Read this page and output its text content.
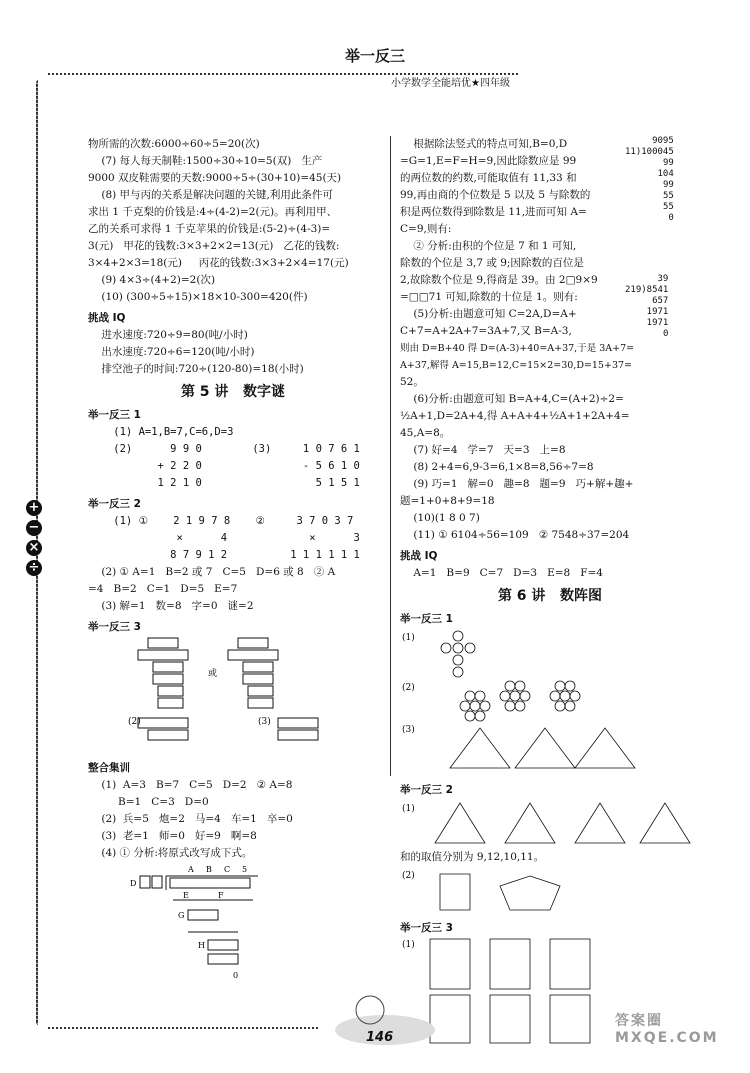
举一反三
小学数学全能培优★四年级
+
−
×
÷

物所需的次数:6000÷60÷5=20(次)

(7) 每人每天制鞋:1500÷30÷10=5(双)   生产

9000 双皮鞋需要的天数:9000÷5÷(30+10)=45(天)

(8) 甲与丙的关系是解决问题的关键,利用此条件可

求出 1 千克梨的价钱是:4÷(4-2)=2(元)。再利用甲、

乙的关系可求得 1 千克苹果的价钱是:(5-2)÷(4-3)=

3(元)   甲花的钱数:3×3+2×2=13(元)   乙花的钱数:

3×4+2×3=18(元)     丙花的钱数:3×3+2×4=17(元)

(9) 4×3÷(4+2)=2(次)

(10) (300÷5÷15)×18×10-300=420(件)

挑战 IQ

进水速度:720÷9=80(吨/小时)

出水速度:720÷6=120(吨/小时)

排空池子的时间:720÷(120-80)=18(小时)

第 5 讲   数字谜

举一反三 1

(1) A=1,B=7,C=6,D=3

(2)      9 9 0        (3)     1 0 7 6 1

+ 2 2 0                - 5 6 1 0

1 2 1 0                  5 1 5 1

举一反三 2

(1) ①    2 1 9 7 8    ②     3 7 0 3 7

×      4             ×      3

8 7 9 1 2          1 1 1 1 1 1

(2) ① A=1   B=2 或 7   C=5   D=6 或 8   ② A

=4   B=2   C=1   D=5   E=7

(3) 解=1   数=8   字=0   谜=2

举一反三 3

或
(2)	(3)

整合集训

(1)  A=3   B=7   C=5   D=2   ② A=8

B=1   C=3   D=0

(2)  兵=5   炮=2   马=4   车=1   卒=0

(3)  老=1   师=0   好=9   啊=8

(4) ① 分析:将原式改写成下式。

A B C 5
D
E	F
G
H
0
9095
11)100045
99
104
99
55
55
0
39
219)8541
657
1971
1971
0

根据除法竖式的特点可知,B=0,D

=G=1,E=F=H=9,因此除数应是 99

的两位数的约数,可能取值有 11,33 和

99,再由商的个位数是 5 以及 5 与除数的

积是两位数得到除数是 11,进而可知 A=

C=9,则有:

② 分析:由积的个位是 7 和 1 可知,

除数的个位是 3,7 或 9;因除数的百位是

2,故除数个位是 9,得商是 39。由 2□9×9

=□□71 可知,除数的十位是 1。则有:

(5)分析:由题意可知 C=2A,D=A+

C+7=A+2A+7=3A+7,又 B=A-3,

则由 D=B+40 得 D=(A-3)+40=A+37,于是 3A+7=

A+37,解得 A=15,B=12,C=15×2=30,D=15+37=

52。

(6)分析:由题意可知 B=A+4,C=(A+2)÷2=

½A+1,D=2A+4,得 A+A+4+½A+1+2A+4=

45,A=8。

(7) 好=4   学=7   天=3   上=8

(8) 2+4=6,9-3=6,1×8=8,56÷7=8

(9) 巧=1   解=0   趣=8   题=9   巧+解+趣+

题=1+0+8+9=18

(10)(1 8 0 7)

(11) ① 6104÷56=109   ② 7548÷37=204

挑战 IQ

A=1   B=9   C=7   D=3   E=8   F=4

第 6 讲   数阵图

举一反三 1

(1)
(2)
(3)

举一反三 2

(1)

和的取值分别为 9,12,10,11。

(2)

举一反三 3

(1)
146
答案圈 MXQE.COM
